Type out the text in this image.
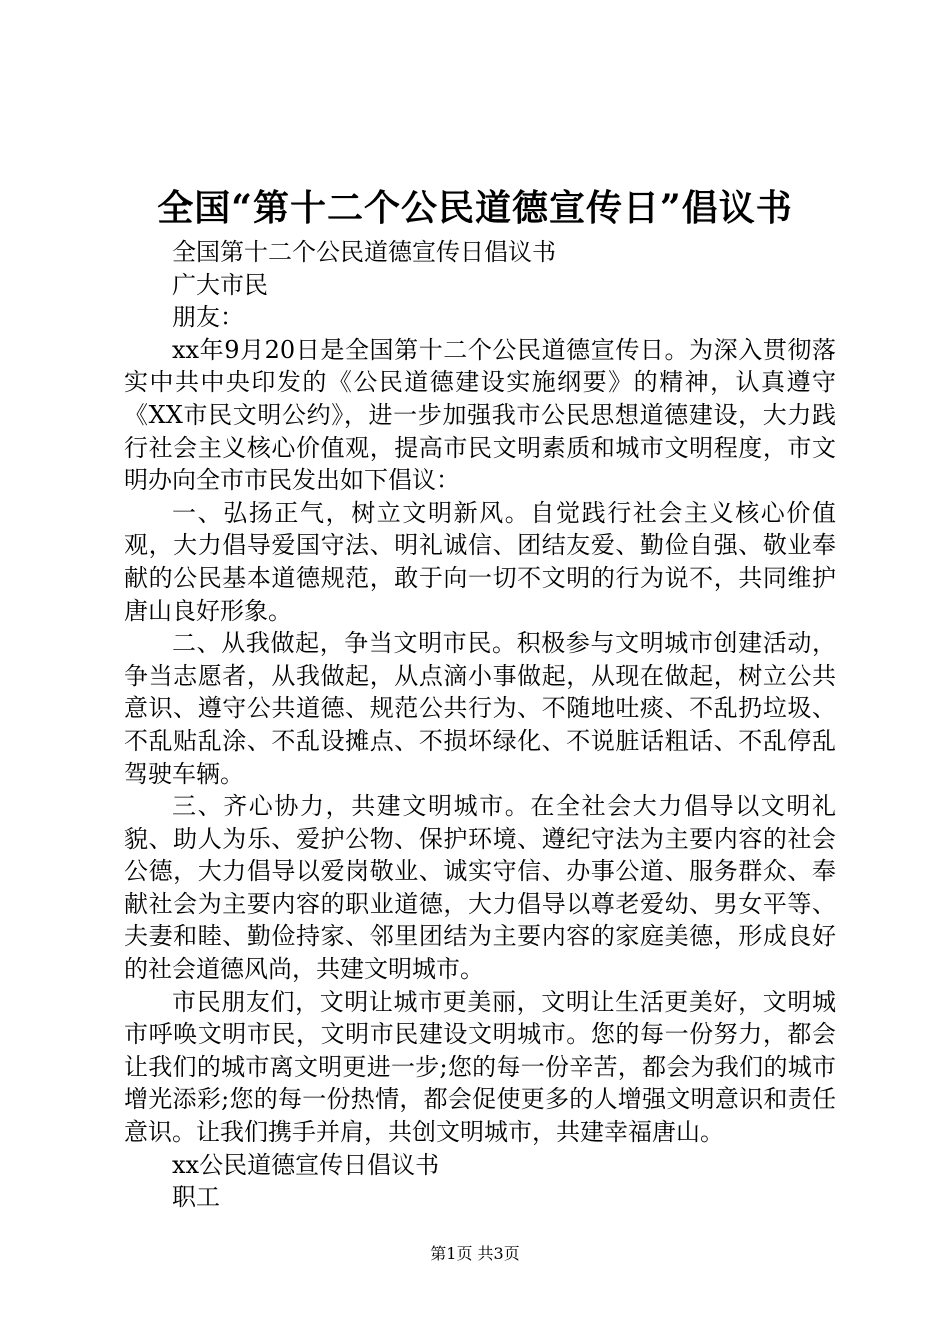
全国“第十二个公民道德宣传日”倡议书

全国第十二个公民道德宣传日倡议书

广大市民

朋友：

xx年9月20日是全国第十二个公民道德宣传日。为深入贯彻落实中共中央印发的《公民道德建设实施纲要》的精神，认真遵守《XX市民文明公约》，进一步加强我市公民思想道德建设，大力践行社会主义核心价值观，提高市民文明素质和城市文明程度，市文明办向全市市民发出如下倡议：

一、弘扬正气，树立文明新风。自觉践行社会主义核心价值观，大力倡导爱国守法、明礼诚信、团结友爱、勤俭自强、敬业奉献的公民基本道德规范，敢于向一切不文明的行为说不，共同维护唐山良好形象。

二、从我做起，争当文明市民。积极参与文明城市创建活动，争当志愿者，从我做起，从点滴小事做起，从现在做起，树立公共意识、遵守公共道德、规范公共行为、不随地吐痰、不乱扔垃圾、不乱贴乱涂、不乱设摊点、不损坏绿化、不说脏话粗话、不乱停乱驾驶车辆。

三、齐心协力，共建文明城市。在全社会大力倡导以文明礼貌、助人为乐、爱护公物、保护环境、遵纪守法为主要内容的社会公德，大力倡导以爱岗敬业、诚实守信、办事公道、服务群众、奉献社会为主要内容的职业道德，大力倡导以尊老爱幼、男女平等、夫妻和睦、勤俭持家、邻里团结为主要内容的家庭美德，形成良好的社会道德风尚，共建文明城市。

市民朋友们，文明让城市更美丽，文明让生活更美好，文明城市呼唤文明市民，文明市民建设文明城市。您的每一份努力，都会让我们的城市离文明更进一步;您的每一份辛苦，都会为我们的城市增光添彩;您的每一份热情，都会促使更多的人增强文明意识和责任意识。让我们携手并肩，共创文明城市，共建幸福唐山。

xx公民道德宣传日倡议书

职工

第1页 共3页
